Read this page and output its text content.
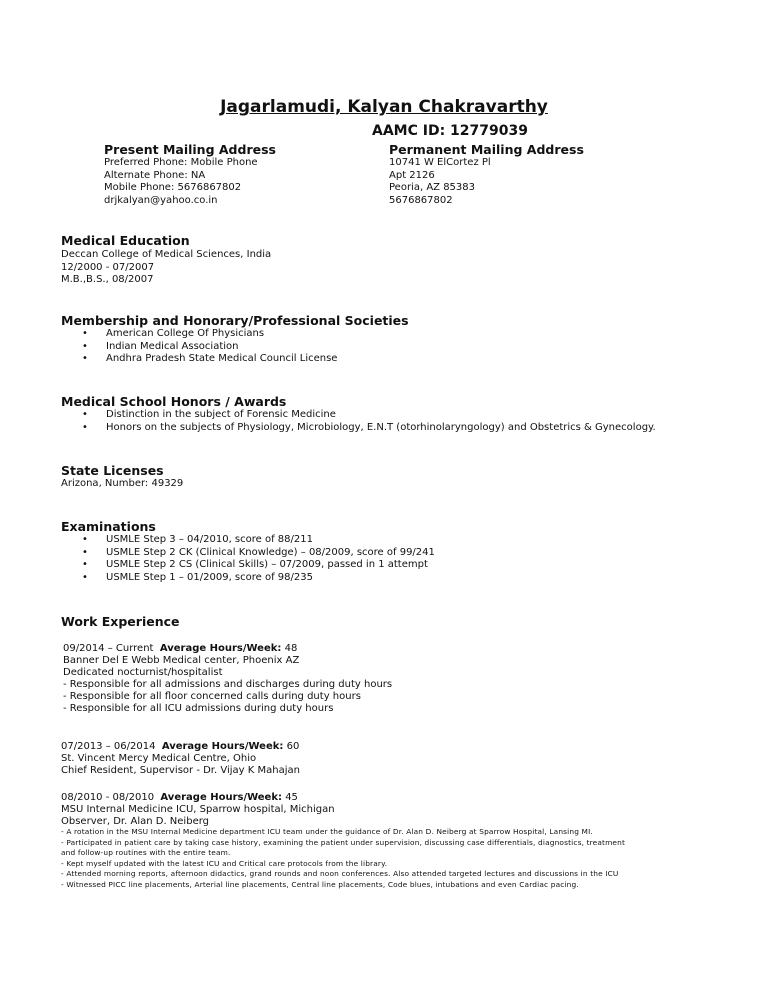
Jagarlamudi, Kalyan Chakravarthy
AAMC ID: 12779039
Present Mailing Address
Preferred Phone: Mobile Phone
Alternate Phone: NA
Mobile Phone: 5676867802
drjkalyan@yahoo.co.in
Permanent Mailing Address
10741 W ElCortez Pl
Apt 2126
Peoria, AZ 85383
5676867802
Medical Education
Deccan College of Medical Sciences, India
12/2000 - 07/2007
M.B.,B.S., 08/2007
Membership and Honorary/Professional Societies
• American College Of Physicians
• Indian Medical Association
• Andhra Pradesh State Medical Council License
Medical School Honors / Awards
• Distinction in the subject of Forensic Medicine
• Honors on the subjects of Physiology, Microbiology, E.N.T (otorhinolaryngology) and Obstetrics & Gynecology.
State Licenses
Arizona, Number: 49329
Examinations
• USMLE Step 3 – 04/2010, score of 88/211
• USMLE Step 2 CK (Clinical Knowledge) – 08/2009, score of 99/241
• USMLE Step 2 CS (Clinical Skills) – 07/2009, passed in 1 attempt
• USMLE Step 1 – 01/2009, score of 98/235
Work Experience
09/2014 – Current Average Hours/Week: 48
Banner Del E Webb Medical center, Phoenix AZ
Dedicated nocturnist/hospitalist
- Responsible for all admissions and discharges during duty hours
- Responsible for all floor concerned calls during duty hours
- Responsible for all ICU admissions during duty hours
07/2013 – 06/2014 Average Hours/Week: 60
St. Vincent Mercy Medical Centre, Ohio
Chief Resident, Supervisor - Dr. Vijay K Mahajan
08/2010 - 08/2010 Average Hours/Week: 45
MSU Internal Medicine ICU, Sparrow hospital, Michigan
Observer, Dr. Alan D. Neiberg
- A rotation in the MSU Internal Medicine department ICU team under the guidance of Dr. Alan D. Neiberg at Sparrow Hospital, Lansing MI.
- Participated in patient care by taking case history, examining the patient under supervision, discussing case differentials, diagnostics, treatment
and follow-up routines with the entire team.
- Kept myself updated with the latest ICU and Critical care protocols from the library.
- Attended morning reports, afternoon didactics, grand rounds and noon conferences. Also attended targeted lectures and discussions in the ICU
- Witnessed PICC line placements, Arterial line placements, Central line placements, Code blues, intubations and even Cardiac pacing.
